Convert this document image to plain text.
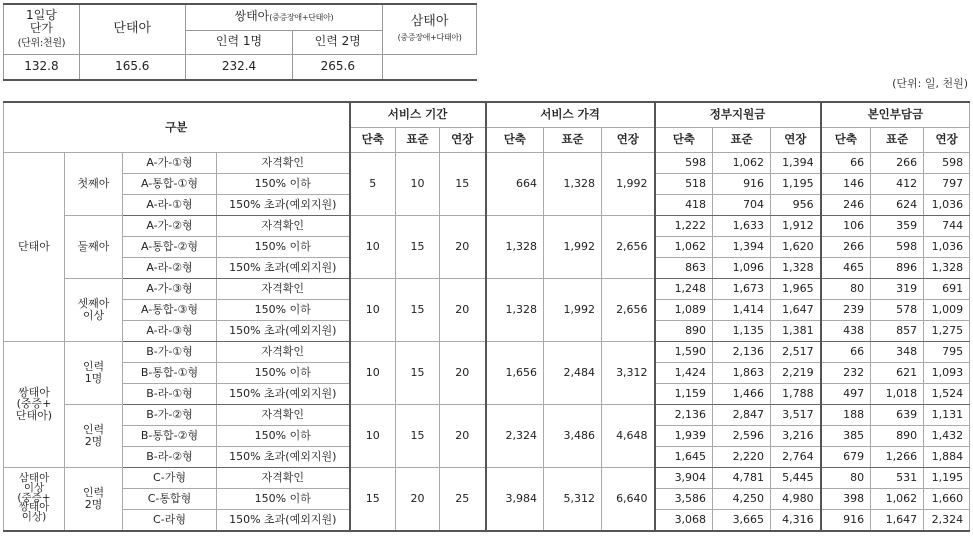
1일당
단가
(단위:천원)	단태아	쌍태아(중증장애+단태아)		삼태아
(중증장애+다태아)
		인력 1명	인력 2명	
132.8	165.6	232.4	265.6	
(단위: 일, 천원)
구분				서비스 기간			서비스 가격			정부지원금			본인부담금		
				단축	표준	연장	단축	표준	연장	단축	표준	연장	단축	표준	연장
단태아	첫째아	A-가-①형	자격확인	5	10	15	664	1,328	1,992	598	1,062	1,394	66	266	598
		A-통합-①형	150% 이하							518	916	1,195	146	412	797
		A-라-①형	150% 초과(예외지원)							418	704	956	246	624	1,036
	둘째아	A-가-②형	자격확인	10	15	20	1,328	1,992	2,656	1,222	1,633	1,912	106	359	744
		A-통합-②형	150% 이하							1,062	1,394	1,620	266	598	1,036
		A-라-②형	150% 초과(예외지원)							863	1,096	1,328	465	896	1,328
	셋째아
이상	A-가-③형	자격확인	10	15	20	1,328	1,992	2,656	1,248	1,673	1,965	80	319	691
		A-통합-③형	150% 이하							1,089	1,414	1,647	239	578	1,009
		A-라-③형	150% 초과(예외지원)							890	1,135	1,381	438	857	1,275
쌍태아
(중증+
단태아)	인력
1명	B-가-①형	자격확인	10	15	20	1,656	2,484	3,312	1,590	2,136	2,517	66	348	795
		B-통합-①형	150% 이하							1,424	1,863	2,219	232	621	1,093
		B-라-①형	150% 초과(예외지원)							1,159	1,466	1,788	497	1,018	1,524
	인력
2명	B-가-②형	자격확인	10	15	20	2,324	3,486	4,648	2,136	2,847	3,517	188	639	1,131
		B-통합-②형	150% 이하							1,939	2,596	3,216	385	890	1,432
		B-라-②형	150% 초과(예외지원)							1,645	2,220	2,764	679	1,266	1,884
삼태아
이상
(중증+
쌍태아
이상)	인력
2명	C-가형	자격확인	15	20	25	3,984	5,312	6,640	3,904	4,781	5,445	80	531	1,195
		C-통합형	150% 이하							3,586	4,250	4,980	398	1,062	1,660
		C-라형	150% 초과(예외지원)							3,068	3,665	4,316	916	1,647	2,324
